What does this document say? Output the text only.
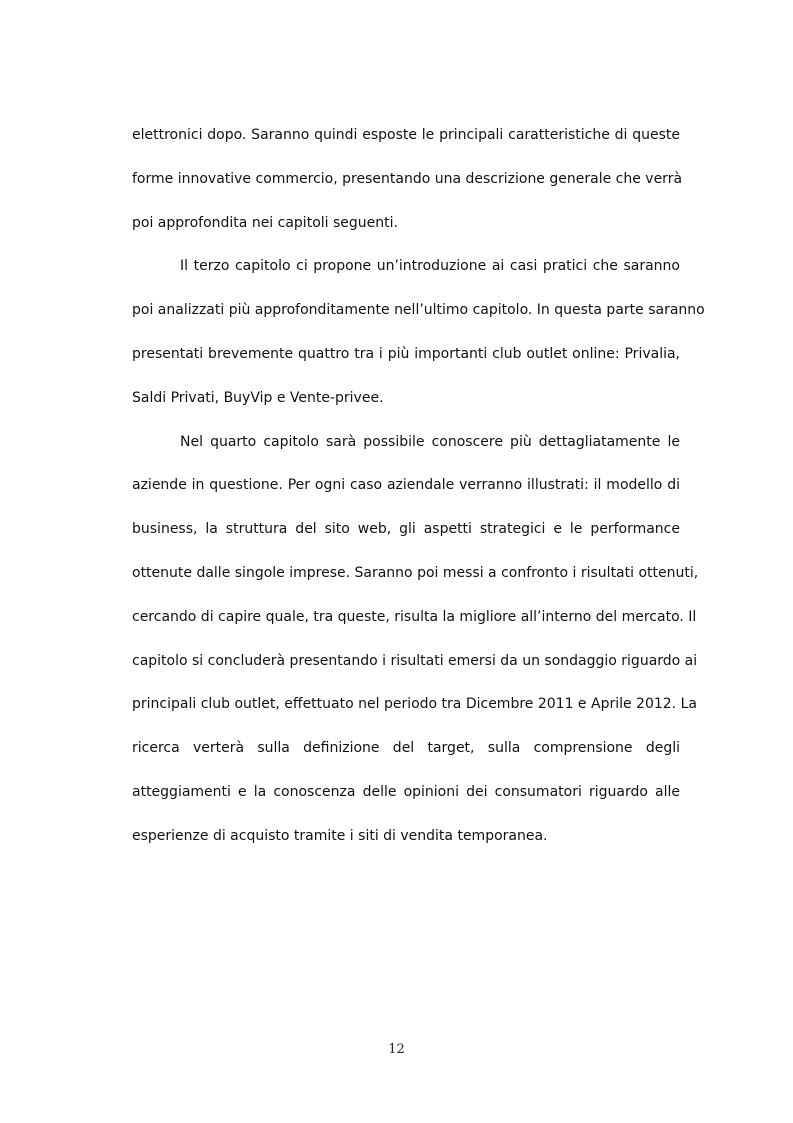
elettronici dopo. Saranno quindi esposte le principali caratteristiche di queste
forme innovative commercio, presentando una descrizione generale che verrà
poi approfondita nei capitoli seguenti.
Il terzo capitolo ci propone un’introduzione ai casi pratici che saranno
poi analizzati più approfonditamente nell’ultimo capitolo. In questa parte saranno
presentati brevemente quattro tra i più importanti club outlet online: Privalia,
Saldi Privati, BuyVip e Vente-privee.
Nel quarto capitolo sarà possibile conoscere più dettagliatamente le
aziende in questione. Per ogni caso aziendale verranno illustrati: il modello di
business, la struttura del sito web, gli aspetti strategici e le performance
ottenute dalle singole imprese. Saranno poi messi a confronto i risultati ottenuti,
cercando di capire quale, tra queste, risulta la migliore all’interno del mercato. Il
capitolo si concluderà presentando i risultati emersi da un sondaggio riguardo ai
principali club outlet, effettuato nel periodo tra Dicembre 2011 e Aprile 2012. La
ricerca verterà sulla definizione del target, sulla comprensione degli
atteggiamenti e la conoscenza delle opinioni dei consumatori riguardo alle
esperienze di acquisto tramite i siti di vendita temporanea.
12
